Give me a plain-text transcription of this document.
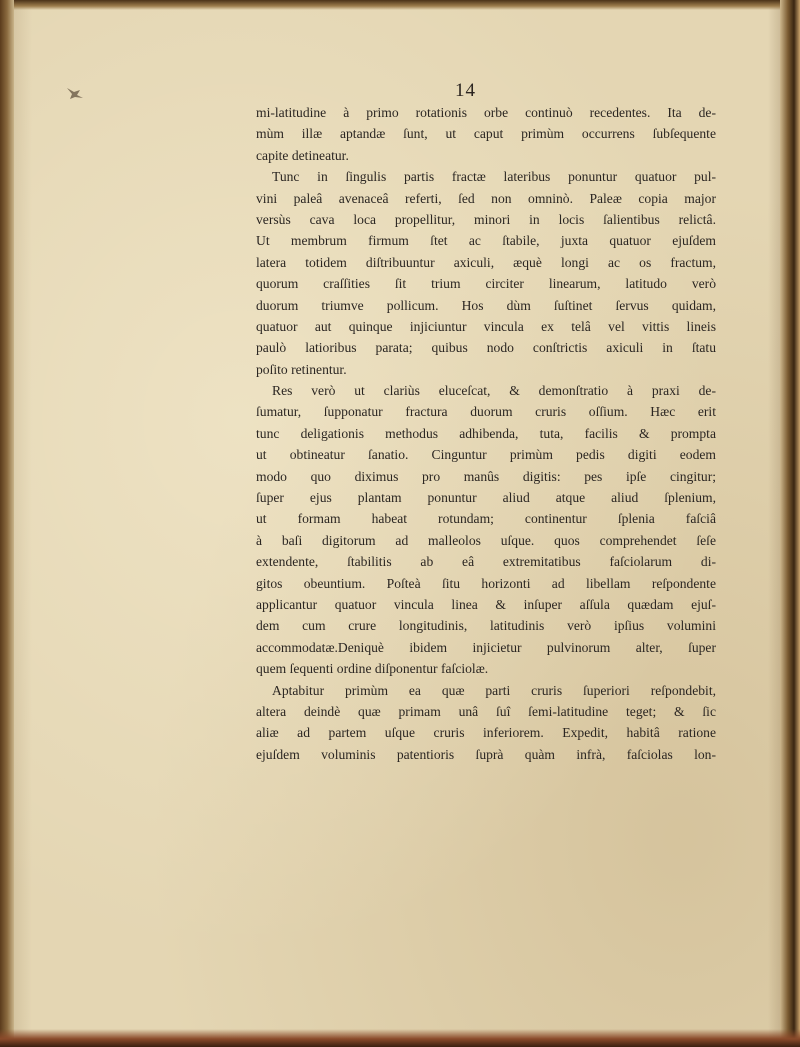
14
mi-latitudine à primo rotationis orbe continuò recedentes. Ita de-
mùm illæ aptandæ ſunt, ut caput primùm occurrens ſubſequente
capite detineatur.
Tunc in ſingulis partis fractæ lateribus ponuntur quatuor pul-
vini paleâ avenaceâ referti, ſed non omninò. Paleæ copia major
versùs cava loca propellitur, minori in locis ſalientibus relictâ.
Ut membrum firmum ſtet ac ſtabile, juxta quatuor ejuſdem
latera totidem diſtribuuntur axiculi, æquè longi ac os fractum,
quorum craſſities ſit trium circiter linearum, latitudo verò
duorum triumve pollicum. Hos dùm ſuſtinet ſervus quidam,
quatuor aut quinque injiciuntur vincula ex telâ vel vittis lineis
paulò latioribus parata; quibus nodo conſtrictis axiculi in ſtatu
poſito retinentur.
Res verò ut clariùs eluceſcat, & demonſtratio à praxi de-
ſumatur, ſupponatur fractura duorum cruris oſſium. Hæc erit
tunc deligationis methodus adhibenda, tuta, facilis & prompta
ut obtineatur ſanatio. Cinguntur primùm pedis digiti eodem
modo quo diximus pro manûs digitis: pes ipſe cingitur;
ſuper ejus plantam ponuntur aliud atque aliud ſplenium,
ut formam habeat rotundam; continentur ſplenia faſciâ
à baſi digitorum ad malleolos uſque. quos comprehendet ſeſe
extendente, ſtabilitis ab eâ extremitatibus faſciolarum di-
gitos obeuntium. Poſteà ſitu horizonti ad libellam reſpondente
applicantur quatuor vincula linea & inſuper aſſula quædam ejuſ-
dem cum crure longitudinis, latitudinis verò ipſius volumini
accommodatæ.Deniquè ibidem injicietur pulvinorum alter, ſuper
quem ſequenti ordine diſponentur faſciolæ.
Aptabitur primùm ea quæ parti cruris ſuperiori reſpondebit,
altera deindè quæ primam unâ ſuî ſemi-latitudine teget; & ſic
aliæ ad partem uſque cruris inferiorem. Expedit, habitâ ratione
ejuſdem voluminis patentioris ſuprà quàm infrà, faſciolas lon-
